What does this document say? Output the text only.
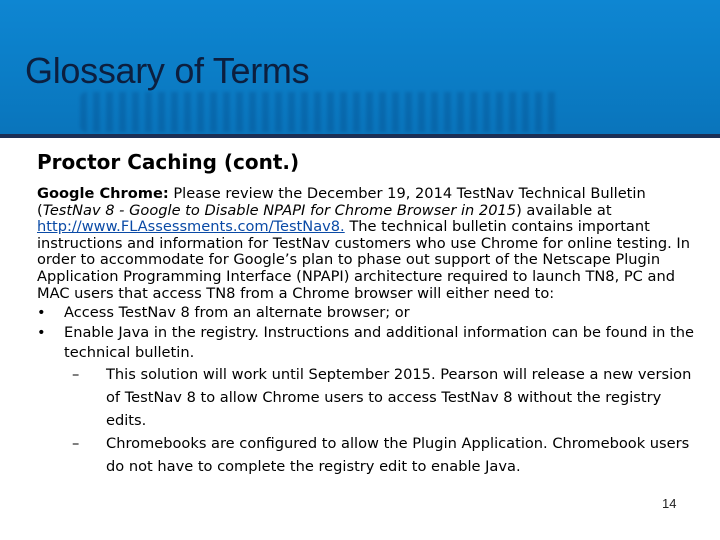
Glossary of Terms
Proctor Caching (cont.)

Google Chrome: Please review the December 19, 2014 TestNav Technical Bulletin (TestNav 8 - Google to Disable NPAPI for Chrome Browser in 2015) available at http://www.FLAssessments.com/TestNav8. The technical bulletin contains important instructions and information for TestNav customers who use Chrome for online testing. In order to accommodate for Google’s plan to phase out support of the Netscape Plugin Application Programming Interface (NPAPI) architecture required to launch TN8, PC and MAC users that access TN8 from a Chrome browser will either need to:

• Access TestNav 8 from an alternate browser; or
• Enable Java in the registry. Instructions and additional information can be found in the technical bulletin.
– This solution will work until September 2015. Pearson will release a new version of TestNav 8 to allow Chrome users to access TestNav 8 without the registry edits.
– Chromebooks are configured to allow the Plugin Application. Chromebook users do not have to complete the registry edit to enable Java.
14
